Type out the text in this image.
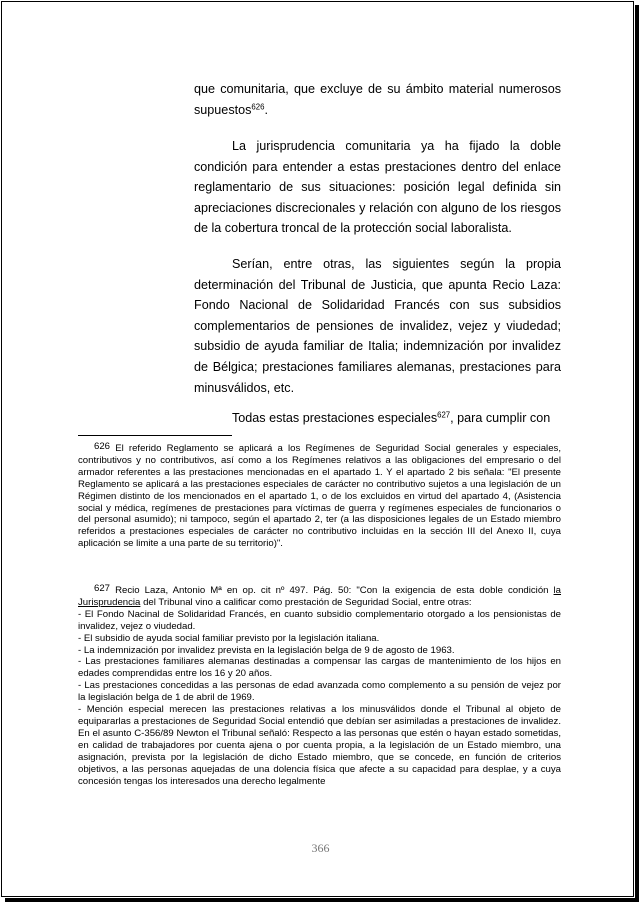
que comunitaria, que excluye de su ámbito material numerosos supuestos$^{626}$.

La jurisprudencia comunitaria ya ha fijado la doble condición para entender a estas prestaciones dentro del enlace reglamentario de sus situaciones: posición legal definida sin apreciaciones discrecionales y relación con alguno de los riesgos de la cobertura troncal de la protección social laboralista.

Serían, entre otras, las siguientes según la propia determinación del Tribunal de Justicia, que apunta Recio Laza: Fondo Nacional de Solidaridad Francés con sus subsidios complementarios de pensiones de invalidez, vejez y viudedad; subsidio de ayuda familiar de Italia; indemnización por invalidez de Bélgica; prestaciones familiares alemanas, prestaciones para minusválidos, etc.

Todas estas prestaciones especiales$^{627}$, para cumplir con

626 El referido Reglamento se aplicará a los Regímenes de Seguridad Social generales y especiales, contributivos y no contributivos, así como a los Regímenes relativos a las obligaciones del empresario o del armador referentes a las prestaciones mencionadas en el apartado 1. Y el apartado 2 bis señala: "El presente Reglamento se aplicará a las prestaciones especiales de carácter no contributivo sujetos a una legislación de un Régimen distinto de los mencionados en el apartado 1, o de los excluidos en virtud del apartado 4, (Asistencia social y médica, regímenes de prestaciones para víctimas de guerra y regímenes especiales de funcionarios o del personal asumido); ni tampoco, según el apartado 2, ter (a las disposiciones legales de un Estado miembro referidos a prestaciones especiales de carácter no contributivo incluidas en la sección III del Anexo II, cuya aplicación se limite a una parte de su territorio)".

627 Recio Laza, Antonio Mª en op. cit nº 497. Pág. 50: "Con la exigencia de esta doble condición la Jurisprudencia del Tribunal vino a calificar como prestación de Seguridad Social, entre otras:

- El Fondo Nacinal de Solidaridad Francés, en cuanto subsidio complementario otorgado a los pensionistas de invalidez, vejez o viudedad.

- El subsidio de ayuda social familiar previsto por la legislación italiana.

- La indemnización por invalidez prevista en la legislación belga de 9 de agosto de 1963.

- Las prestaciones familiares alemanas destinadas a compensar las cargas de mantenimiento de los hijos en edades comprendidas entre los 16 y 20 años.

- Las prestaciones concedidas a las personas de edad avanzada como complemento a su pensión de vejez por la legislación belga de 1 de abril de 1969.

- Mención especial merecen las prestaciones relativas a los minusválidos donde el Tribunal al objeto de equipararlas a prestaciones de Seguridad Social entendió que debían ser asimiladas a prestaciones de invalidez. En el asunto C-356/89 Newton el Tribunal señaló: Respecto a las personas que estén o hayan estado sometidas, en calidad de trabajadores por cuenta ajena o por cuenta propia, a la legislación de un Estado miembro, una asignación, prevista por la legislación de dicho Estado miembro, que se concede, en función de criterios objetivos, a las personas aquejadas de una dolencia física que afecte a su capacidad para desplae, y a cuya concesión tengas los interesados una derecho legalmente

366
